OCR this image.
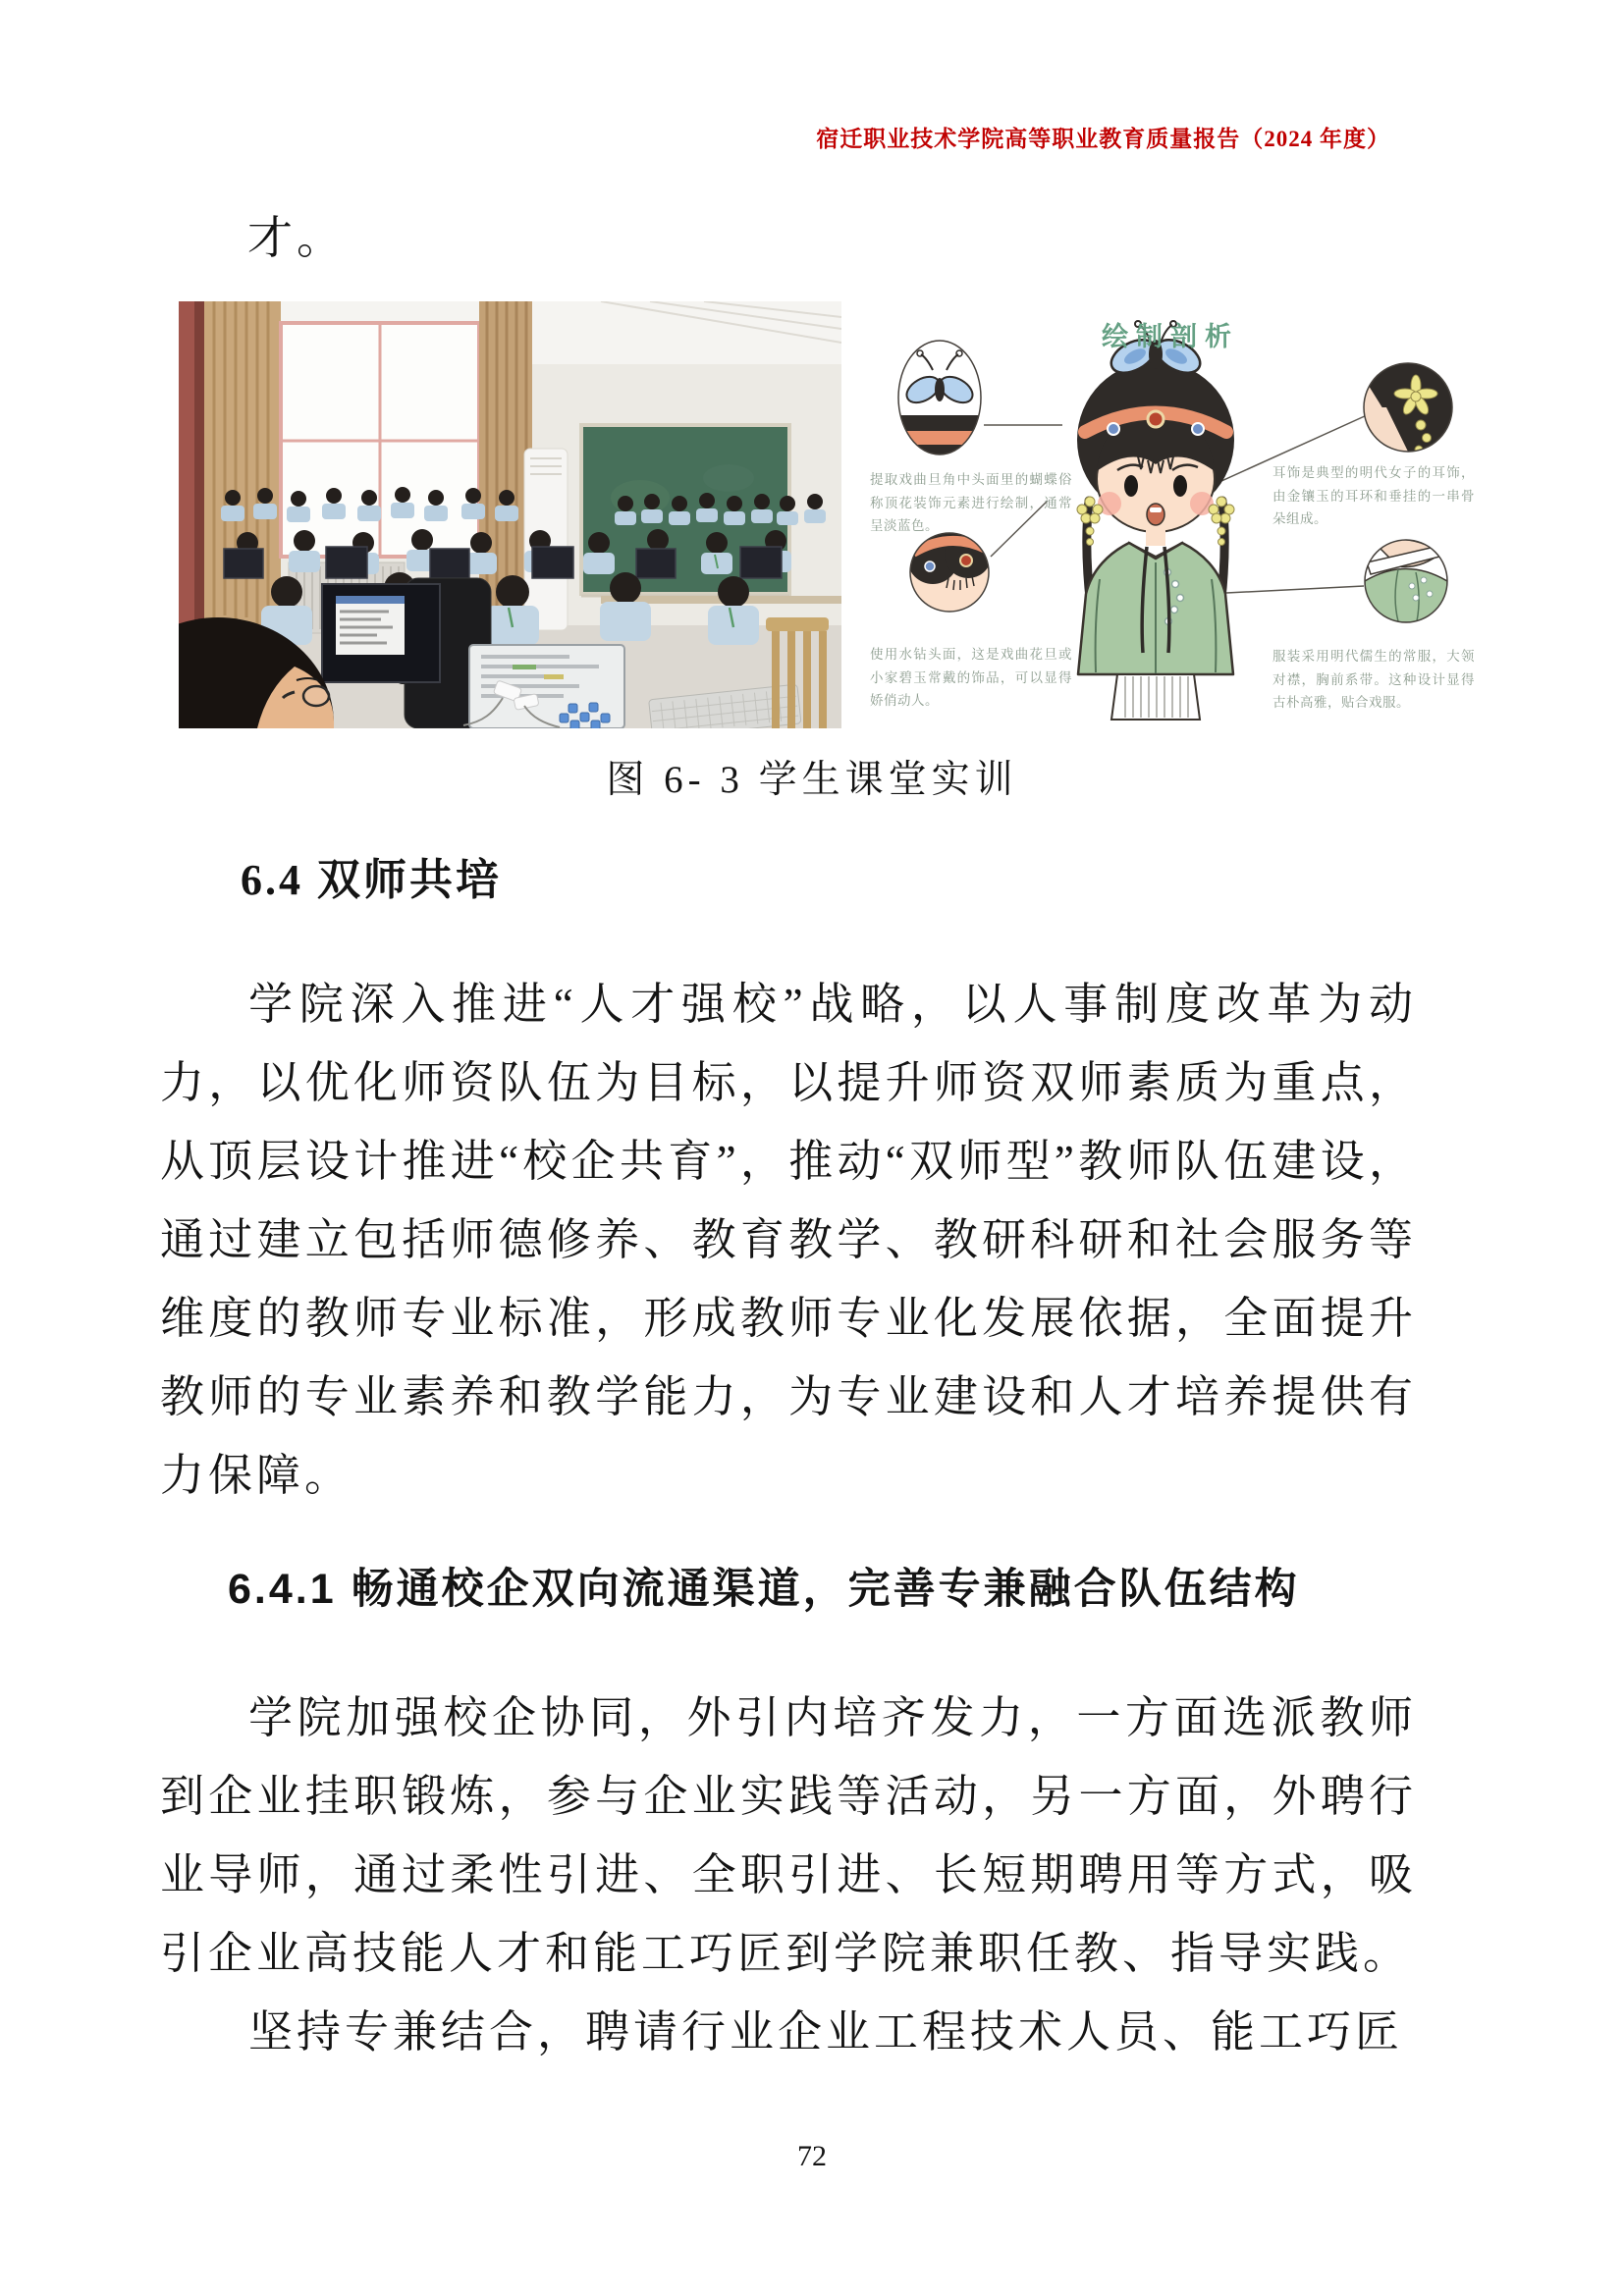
宿迁职业技术学院高等职业教育质量报告（2024 年度）
才。
绘制剖析
提取戏曲旦角中头面里的蝴蝶俗称顶花装饰元素进行绘制，通常呈淡蓝色。
使用水钻头面，这是戏曲花旦或小家碧玉常戴的饰品，可以显得娇俏动人。
耳饰是典型的明代女子的耳饰，由金镶玉的耳环和垂挂的一串骨朵组成。
服装采用明代儒生的常服，大领对襟，胸前系带。这种设计显得古朴高雅，贴合戏服。
图 6- 3 学生课堂实训
6.4 双师共培

学院深入推进“人才强校”战略，以人事制度改革为动力，以优化师资队伍为目标，以提升师资双师素质为重点，从顶层设计推进“校企共育”，推动“双师型”教师队伍建设，通过建立包括师德修养、教育教学、教研科研和社会服务等维度的教师专业标准，形成教师专业化发展依据，全面提升教师的专业素养和教学能力，为专业建设和人才培养提供有力保障。

6.4.1 畅通校企双向流通渠道，完善专兼融合队伍结构

学院加强校企协同，外引内培齐发力，一方面选派教师到企业挂职锻炼，参与企业实践等活动，另一方面，外聘行业导师，通过柔性引进、全职引进、长短期聘用等方式，吸引企业高技能人才和能工巧匠到学院兼职任教、指导实践。

坚持专兼结合，聘请行业企业工程技术人员、能工巧匠

72
